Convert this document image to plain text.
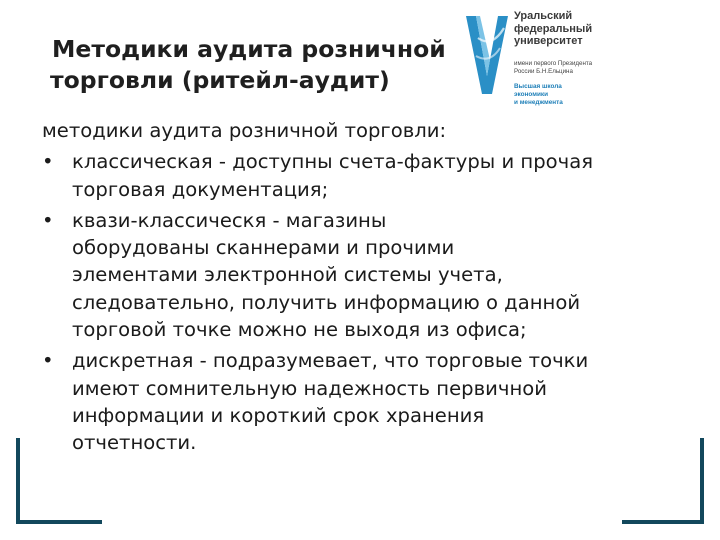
Методики аудита розничной
торговли (ритейл-аудит)
Уральский
федеральный
университет
имени первого Президента
России Б.Н.Ельцина
Высшая школа
экономики
и менеджмента

методики аудита розничной торговли:

• классическая - доступны счета-фактуры и прочая
торговая документация;
• квази-классическя - магазины
оборудованы сканнерами и прочими
элементами электронной системы учета,
следовательно, получить информацию о данной
торговой точке можно не выходя из офиса;
• дискретная - подразумевает, что торговые точки
имеют сомнительную надежность первичной
информации и короткий срок хранения
отчетности.
